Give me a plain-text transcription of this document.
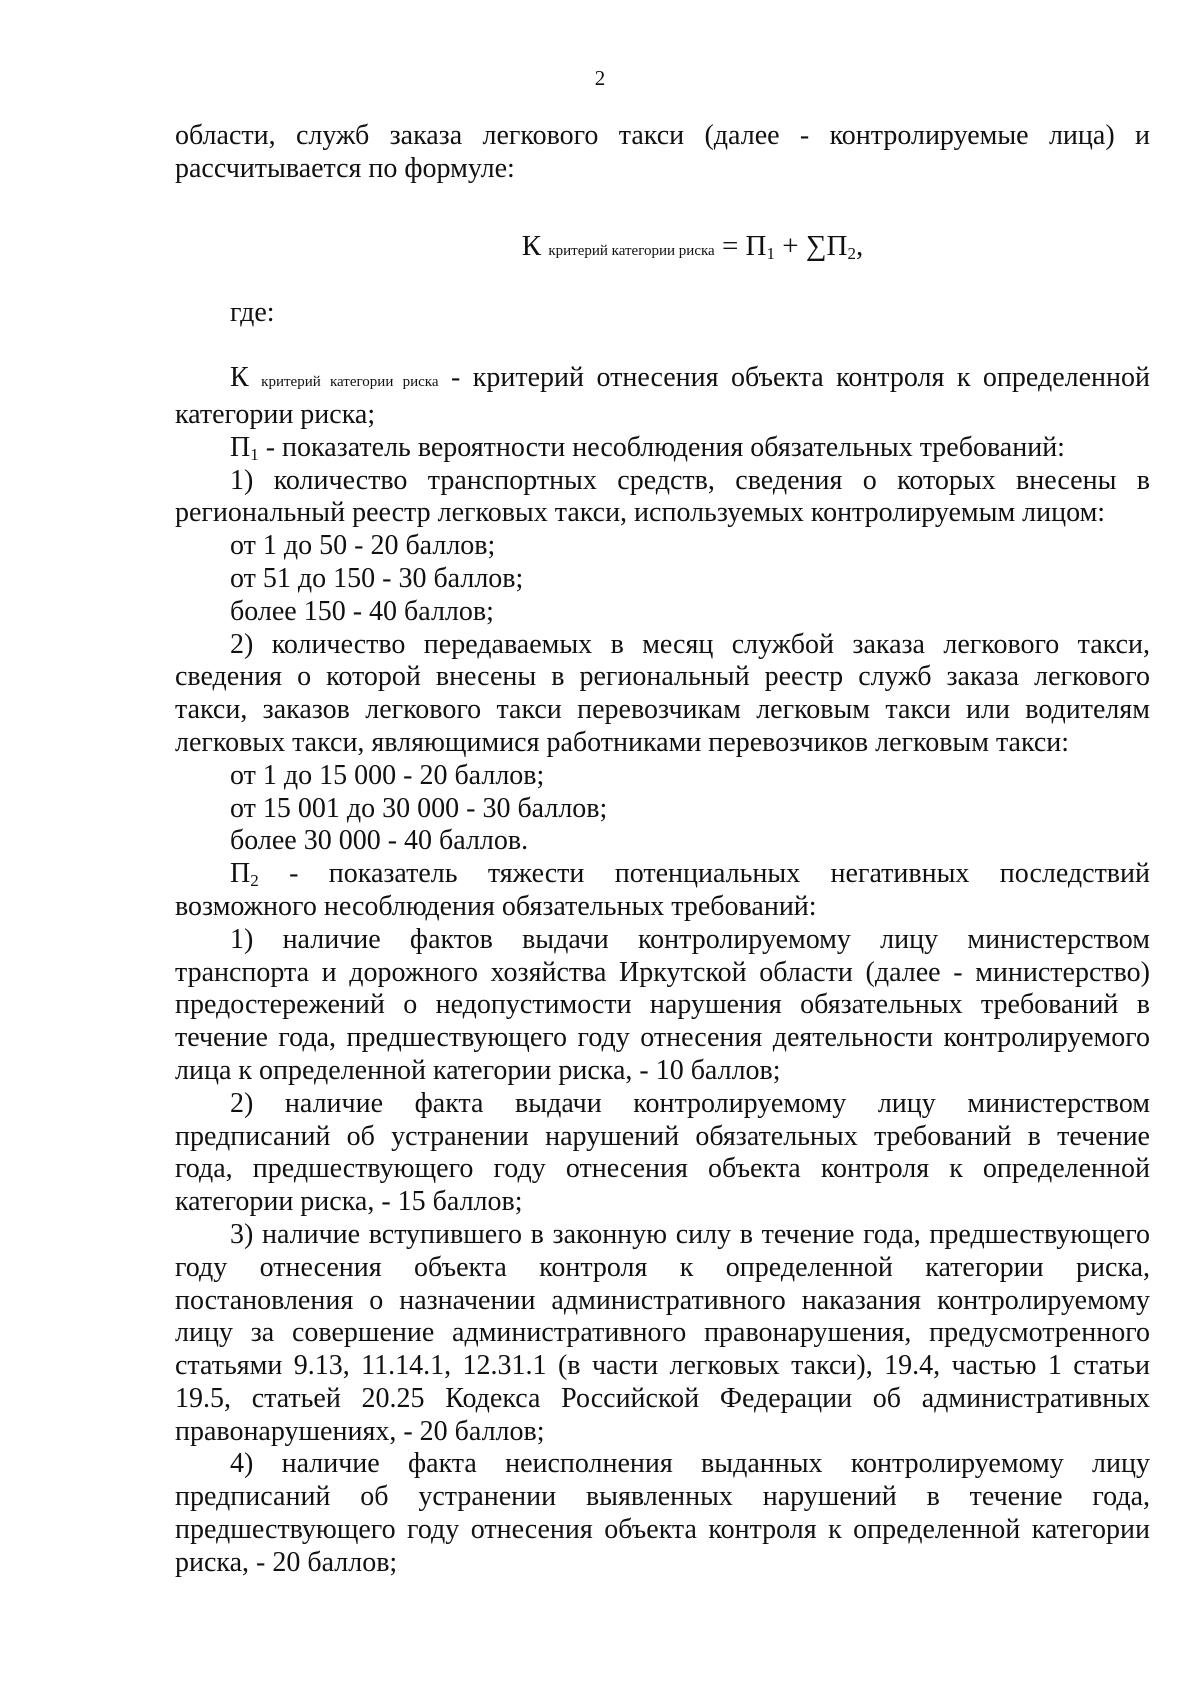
2

области, служб заказа легкового такси (далее - контролируемые лица) и рассчитывается по формуле:

К критерий категории риска = П1 + ∑П2,

где:

К критерий категории риска - критерий отнесения объекта контроля к определенной категории риска;

П1 - показатель вероятности несоблюдения обязательных требований:

1) количество транспортных средств, сведения о которых внесены в региональный реестр легковых такси, используемых контролируемым лицом:

от 1 до 50 - 20 баллов;

от 51 до 150 - 30 баллов;

более 150 - 40 баллов;

2) количество передаваемых в месяц службой заказа легкового такси, сведения о которой внесены в региональный реестр служб заказа легкового такси, заказов легкового такси перевозчикам легковым такси или водителям легковых такси, являющимися работниками перевозчиков легковым такси:

от 1 до 15 000 - 20 баллов;

от 15 001 до 30 000 - 30 баллов;

более 30 000 - 40 баллов.

П2 - показатель тяжести потенциальных негативных последствий возможного несоблюдения обязательных требований:

1) наличие фактов выдачи контролируемому лицу министерством транспорта и дорожного хозяйства Иркутской области (далее - министерство) предостережений о недопустимости нарушения обязательных требований в течение года, предшествующего году отнесения деятельности контролируемого лица к определенной категории риска, - 10 баллов;

2) наличие факта выдачи контролируемому лицу министерством предписаний об устранении нарушений обязательных требований в течение года, предшествующего году отнесения объекта контроля к определенной категории риска, - 15 баллов;

3) наличие вступившего в законную силу в течение года, предшествующего году отнесения объекта контроля к определенной категории риска, постановления о назначении административного наказания контролируемому лицу за совершение административного правонарушения, предусмотренного статьями 9.13, 11.14.1, 12.31.1 (в части легковых такси), 19.4, частью 1 статьи 19.5, статьей 20.25 Кодекса Российской Федерации об административных правонарушениях, - 20 баллов;

4) наличие факта неисполнения выданных контролируемому лицу предписаний об устранении выявленных нарушений в течение года, предшествующего году отнесения объекта контроля к определенной категории риска, - 20 баллов;
